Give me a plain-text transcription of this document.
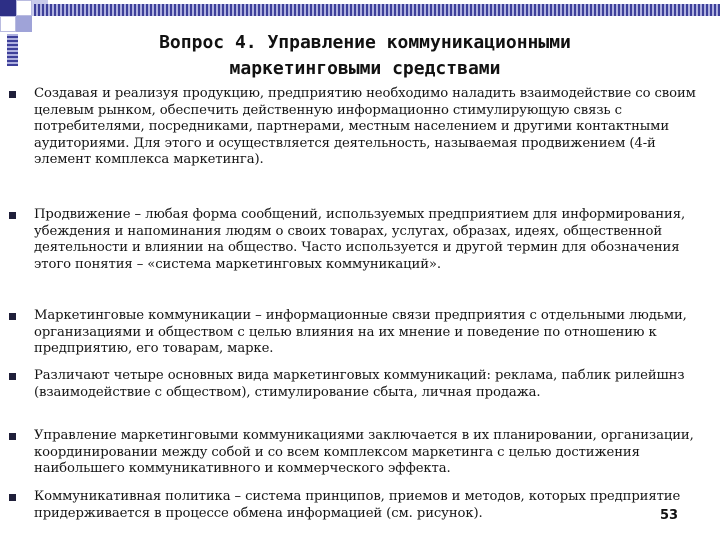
Вопрос 4. Управление коммуникационными
маркетинговыми средствами
Создавая и реализуя продукцию, предприятию необходимо наладить взаимодействие со своим целевым рынком, обеспечить действенную информационно стимулирующую связь с потребителями, посредниками, партнерами, местным населением и другими контактными аудиториями. Для этого и осуществляется деятельность, называемая продвижением (4-й элемент комплекса маркетинга).
Продвижение – любая форма сообщений, используемых предприятием для информирования, убеждения и напоминания людям о своих товарах, услугах, образах, идеях, общественной деятельности и влиянии на общество. Часто используется и другой термин для обозначения этого понятия – «система маркетинговых коммуникаций».
Маркетинговые коммуникации – информационные связи предприятия с отдельными людьми, организациями и обществом с целью влияния на их мнение и поведение по отношению к предприятию, его товарам, марке.
Различают четыре основных вида маркетинговых коммуникаций: реклама, паблик рилейшнз (взаимодействие с обществом), стимулирование сбыта, личная продажа.
Управление маркетинговыми коммуникациями заключается в их планировании, организации, координировании между собой и со всем комплексом маркетинга с целью достижения наибольшего коммуникативного и коммерческого эффекта.
Коммуникативная политика – система принципов, приемов и методов, которых предприятие придерживается в процессе обмена информацией (см. рисунок).	53
